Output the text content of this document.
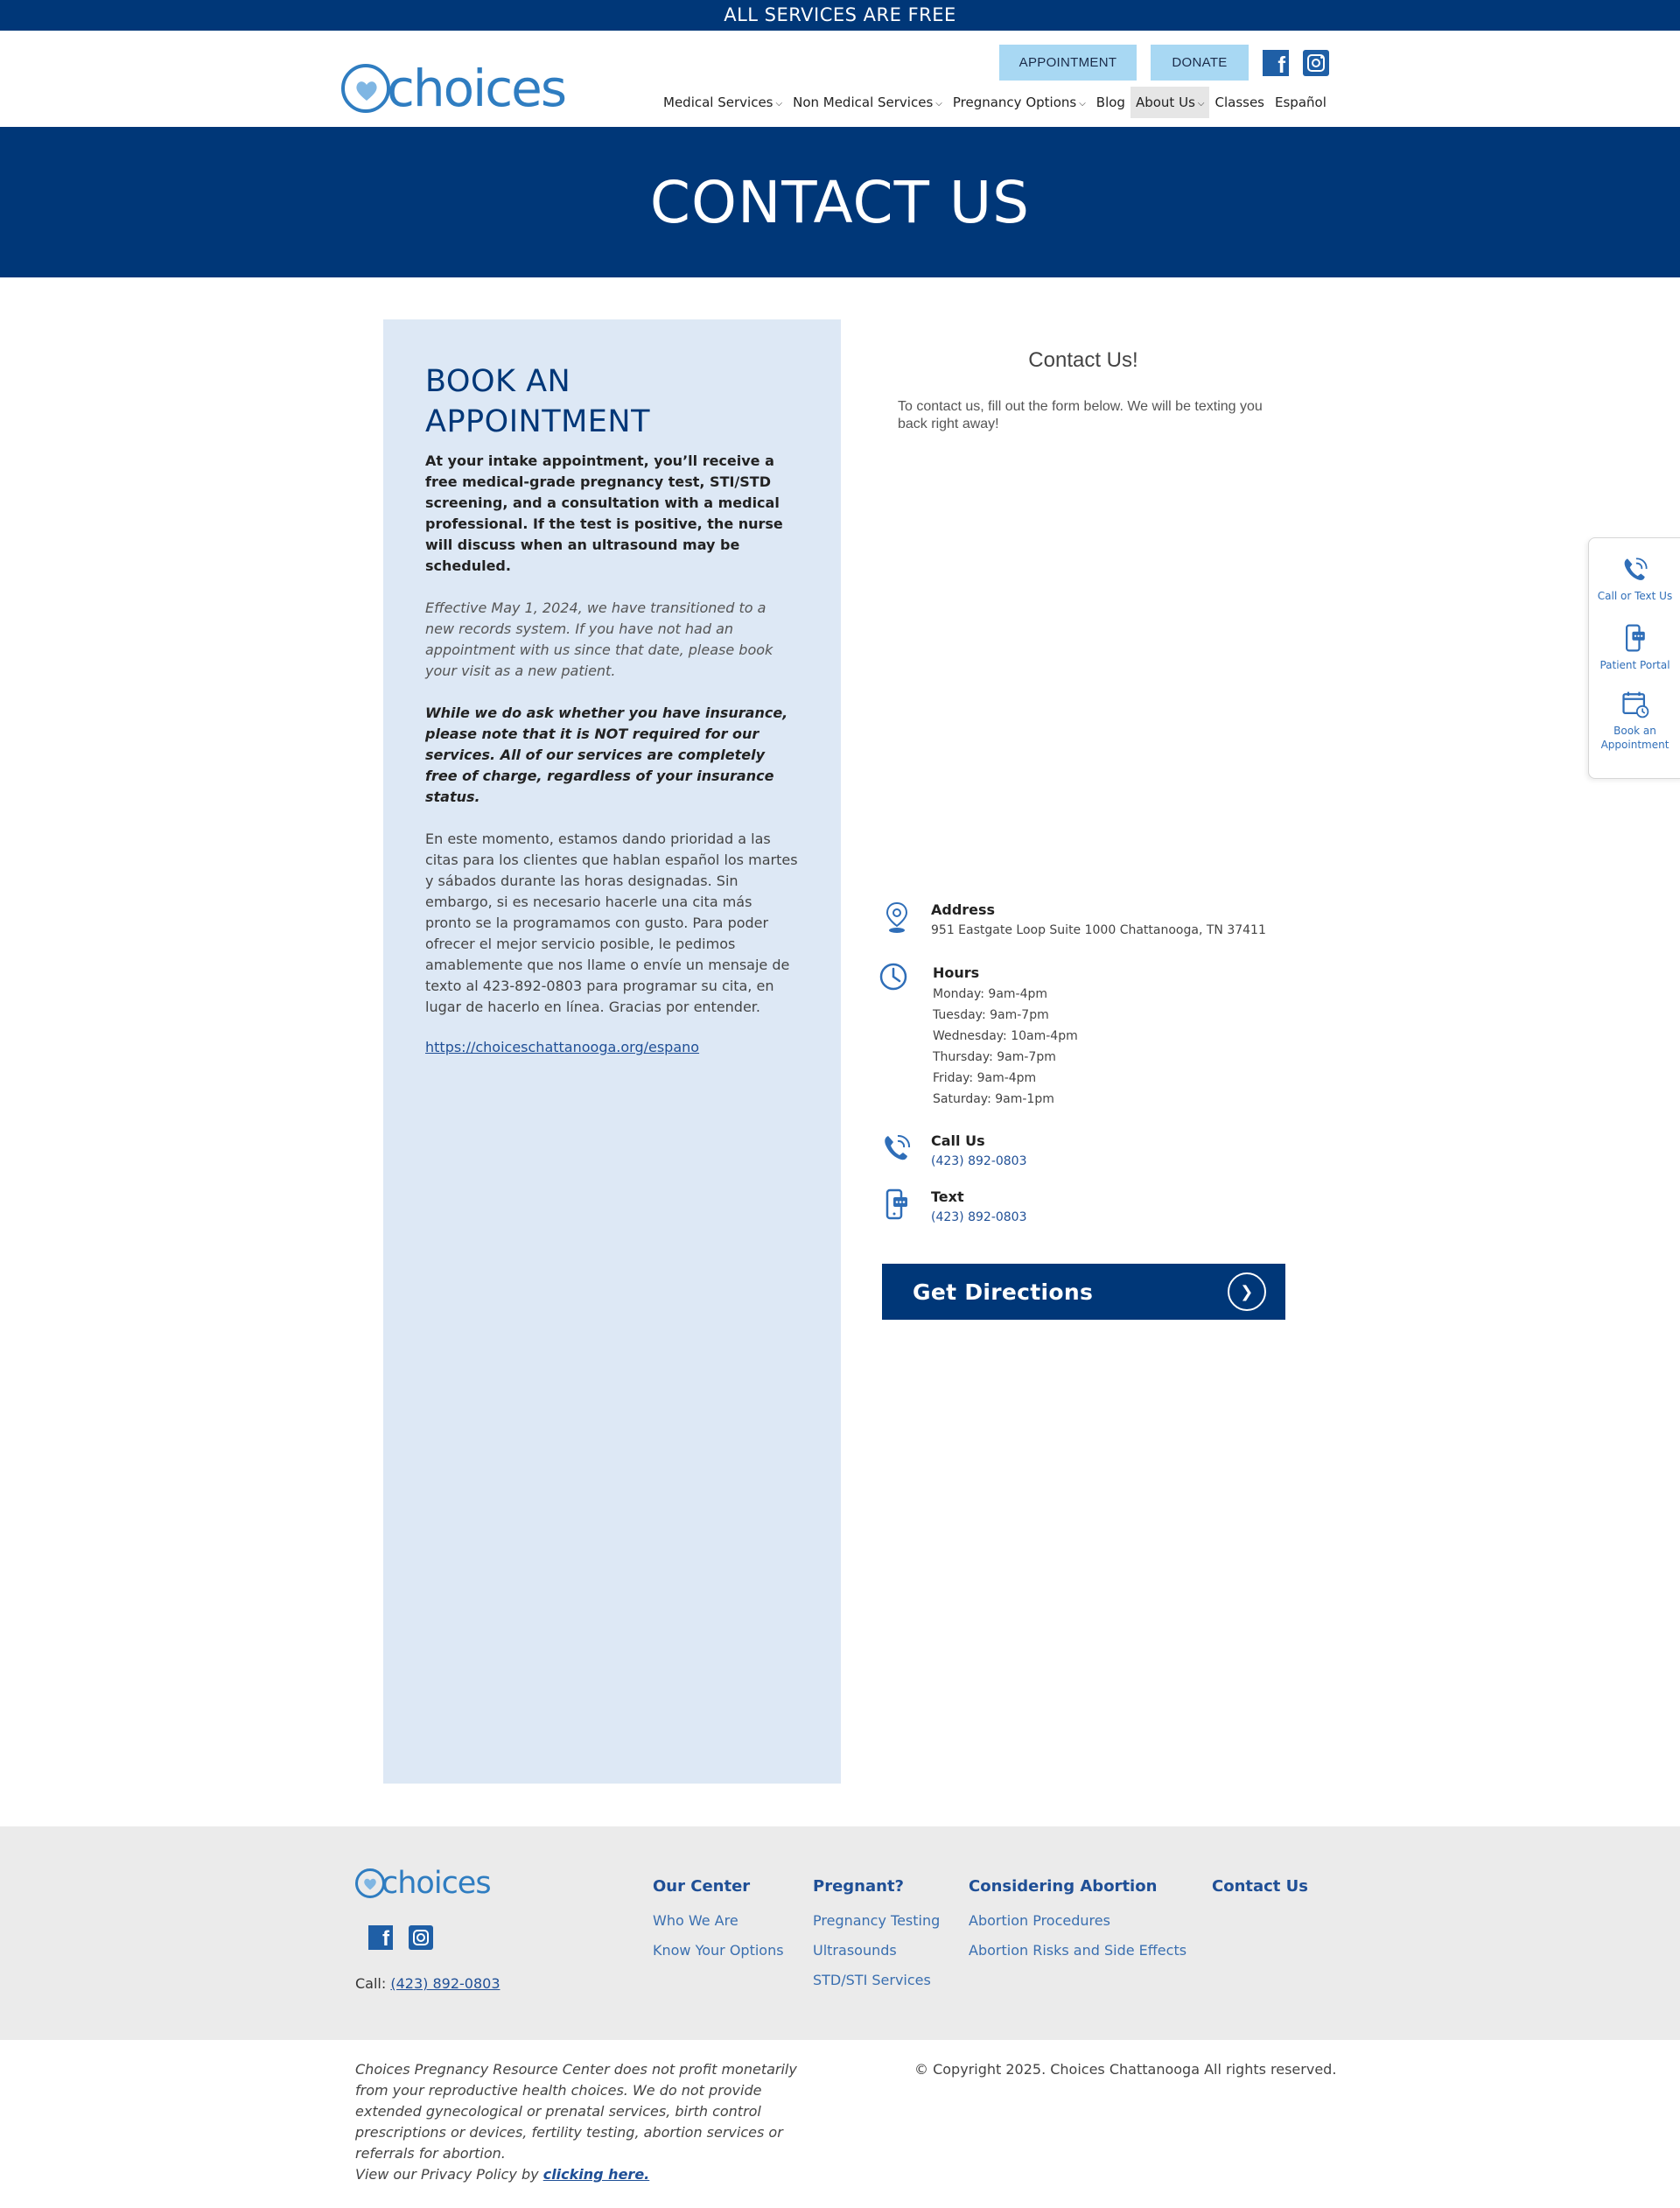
ALL SERVICES ARE FREE
choices	APPOINTMENT	DONATE	f
Medical Services ⌵ Non Medical Services ⌵ Pregnancy Options ⌵ Blog About Us ⌵ Classes Español
CONTACT US
BOOK AN APPOINTMENT

At your intake appointment, you’ll receive a free medical-grade pregnancy test, STI/STD screening, and a consultation with a medical professional. If the test is positive, the nurse will discuss when an ultrasound may be scheduled.

Effective May 1, 2024, we have transitioned to a new records system. If you have not had an appointment with us since that date, please book your visit as a new patient.

While we do ask whether you have insurance, please note that it is NOT required for our services. All of our services are completely free of charge, regardless of your insurance status.

En este momento, estamos dando prioridad a las citas para los clientes que hablan español los martes y sábados durante las horas designadas. Sin embargo, si es necesario hacerle una cita más pronto se la programamos con gusto. Para poder ofrecer el mejor servicio posible, le pedimos amablemente que nos llame o envíe un mensaje de texto al 423-892-0803 para programar su cita, en lugar de hacerlo en línea. Gracias por entender.

https://choiceschattanooga.org/espano
Contact Us!
To contact us, fill out the form below. We will be texting you back right away!
Address
951 Eastgate Loop Suite 1000 Chattanooga, TN 37411
Hours
Monday: 9am-4pm
Tuesday: 9am-7pm
Wednesday: 10am-4pm
Thursday: 9am-7pm
Friday: 9am-4pm
Saturday: 9am-1pm
Call Us
(423) 892-0803
Text
(423) 892-0803
Get Directions	❯
Call or Text Us
Patient Portal
Book an Appointment
choices
f
Call: (423) 892-0803
Our Center
Who We Are
Know Your Options
Pregnant?
Pregnancy Testing
Ultrasounds
STD/STI Services
Considering Abortion
Abortion Procedures
Abortion Risks and Side Effects
Contact Us
Choices Pregnancy Resource Center does not profit monetarily from your reproductive health choices. We do not provide extended gynecological or prenatal services, birth control prescriptions or devices, fertility testing, abortion services or referrals for abortion.
View our Privacy Policy by clicking here.
© Copyright 2025. Choices Chattanooga All rights reserved.
